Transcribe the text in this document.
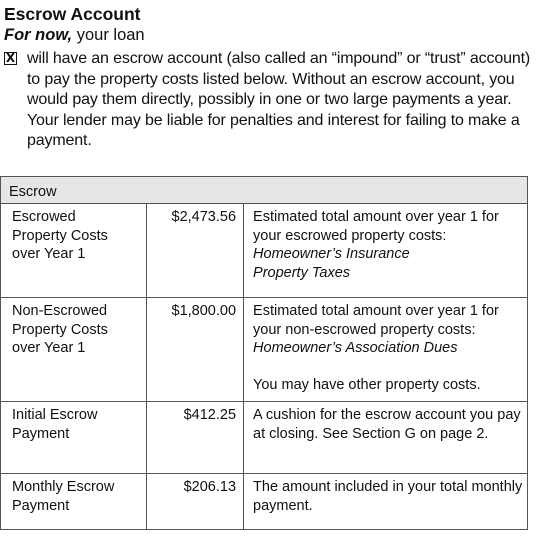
Escrow Account
For now, your loan
X will have an escrow account (also called an “impound” or “trust” account) to pay the property costs listed below. Without an escrow account, you would pay them directly, possibly in one or two large payments a year. Your lender may be liable for penalties and interest for failing to make a payment.
Escrow		

Escrowed Property Costs over Year 1	$2,473.56	Estimated total amount over year 1 for your escrowed property costs:
Homeowner’s Insurance
Property Taxes

Non-Escrowed Property Costs over Year 1	$1,800.00	Estimated total amount over year 1 for your non-escrowed property costs:
Homeowner’s Association Dues
You may have other property costs.

Initial Escrow Payment	$412.25	A cushion for the escrow account you pay at closing. See Section G on page 2.

Monthly Escrow Payment	$206.13	The amount included in your total monthly payment.
